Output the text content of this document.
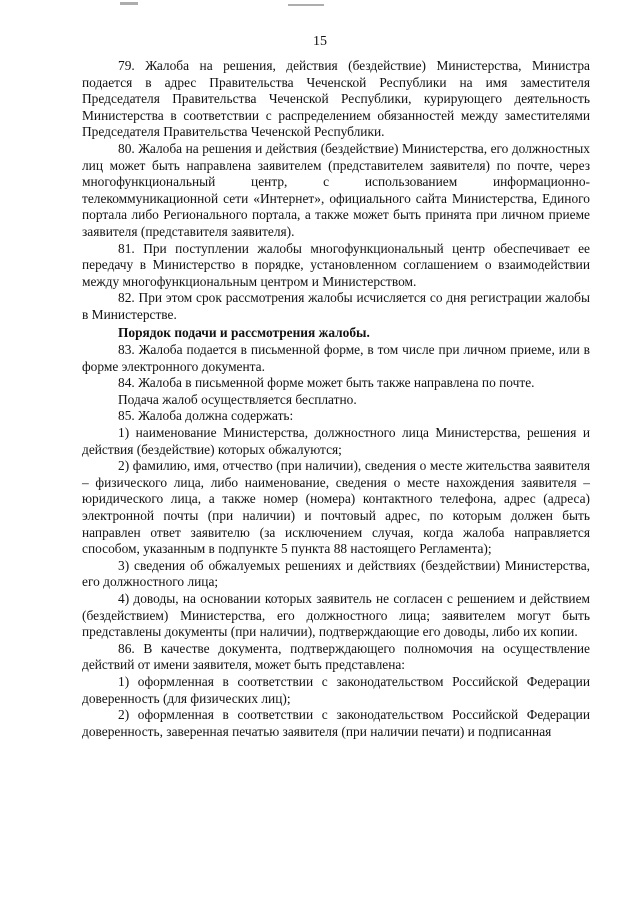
15

79. Жалоба на решения, действия (бездействие) Министерства, Министра подается в адрес Правительства Чеченской Республики на имя заместителя Председателя Правительства Чеченской Республики, курирующего деятельность Министерства в соответствии с распределением обязанностей между заместителями Председателя Правительства Чеченской Республики.

80. Жалоба на решения и действия (бездействие) Министерства, его должностных лиц может быть направлена заявителем (представителем заявителя) по почте, через многофункциональный центр, с использованием информационно-телекоммуникационной сети «Интернет», официального сайта Министерства, Единого портала либо Регионального портала, а также может быть принята при личном приеме заявителя (представителя заявителя).

81. При поступлении жалобы многофункциональный центр обеспечивает ее передачу в Министерство в порядке, установленном соглашением о взаимодействии между многофункциональным центром и Министерством.

82. При этом срок рассмотрения жалобы исчисляется со дня регистрации жалобы в Министерстве.

Порядок подачи и рассмотрения жалобы.

83. Жалоба подается в письменной форме, в том числе при личном приеме, или в форме электронного документа.

84. Жалоба в письменной форме может быть также направлена по почте.

Подача жалоб осуществляется бесплатно.

85. Жалоба должна содержать:

1) наименование Министерства, должностного лица Министерства, решения и действия (бездействие) которых обжалуются;

2) фамилию, имя, отчество (при наличии), сведения о месте жительства заявителя – физического лица, либо наименование, сведения о месте нахождения заявителя – юридического лица, а также номер (номера) контактного телефона, адрес (адреса) электронной почты (при наличии) и почтовый адрес, по которым должен быть направлен ответ заявителю (за исключением случая, когда жалоба направляется способом, указанным в подпункте 5 пункта 88 настоящего Регламента);

3) сведения об обжалуемых решениях и действиях (бездействии) Министерства, его должностного лица;

4) доводы, на основании которых заявитель не согласен с решением и действием (бездействием) Министерства, его должностного лица; заявителем могут быть представлены документы (при наличии), подтверждающие его доводы, либо их копии.

86. В качестве документа, подтверждающего полномочия на осуществление действий от имени заявителя, может быть представлена:

1) оформленная в соответствии с законодательством Российской Федерации доверенность (для физических лиц);

2) оформленная в соответствии с законодательством Российской Федерации доверенность, заверенная печатью заявителя (при наличии печати) и подписанная
